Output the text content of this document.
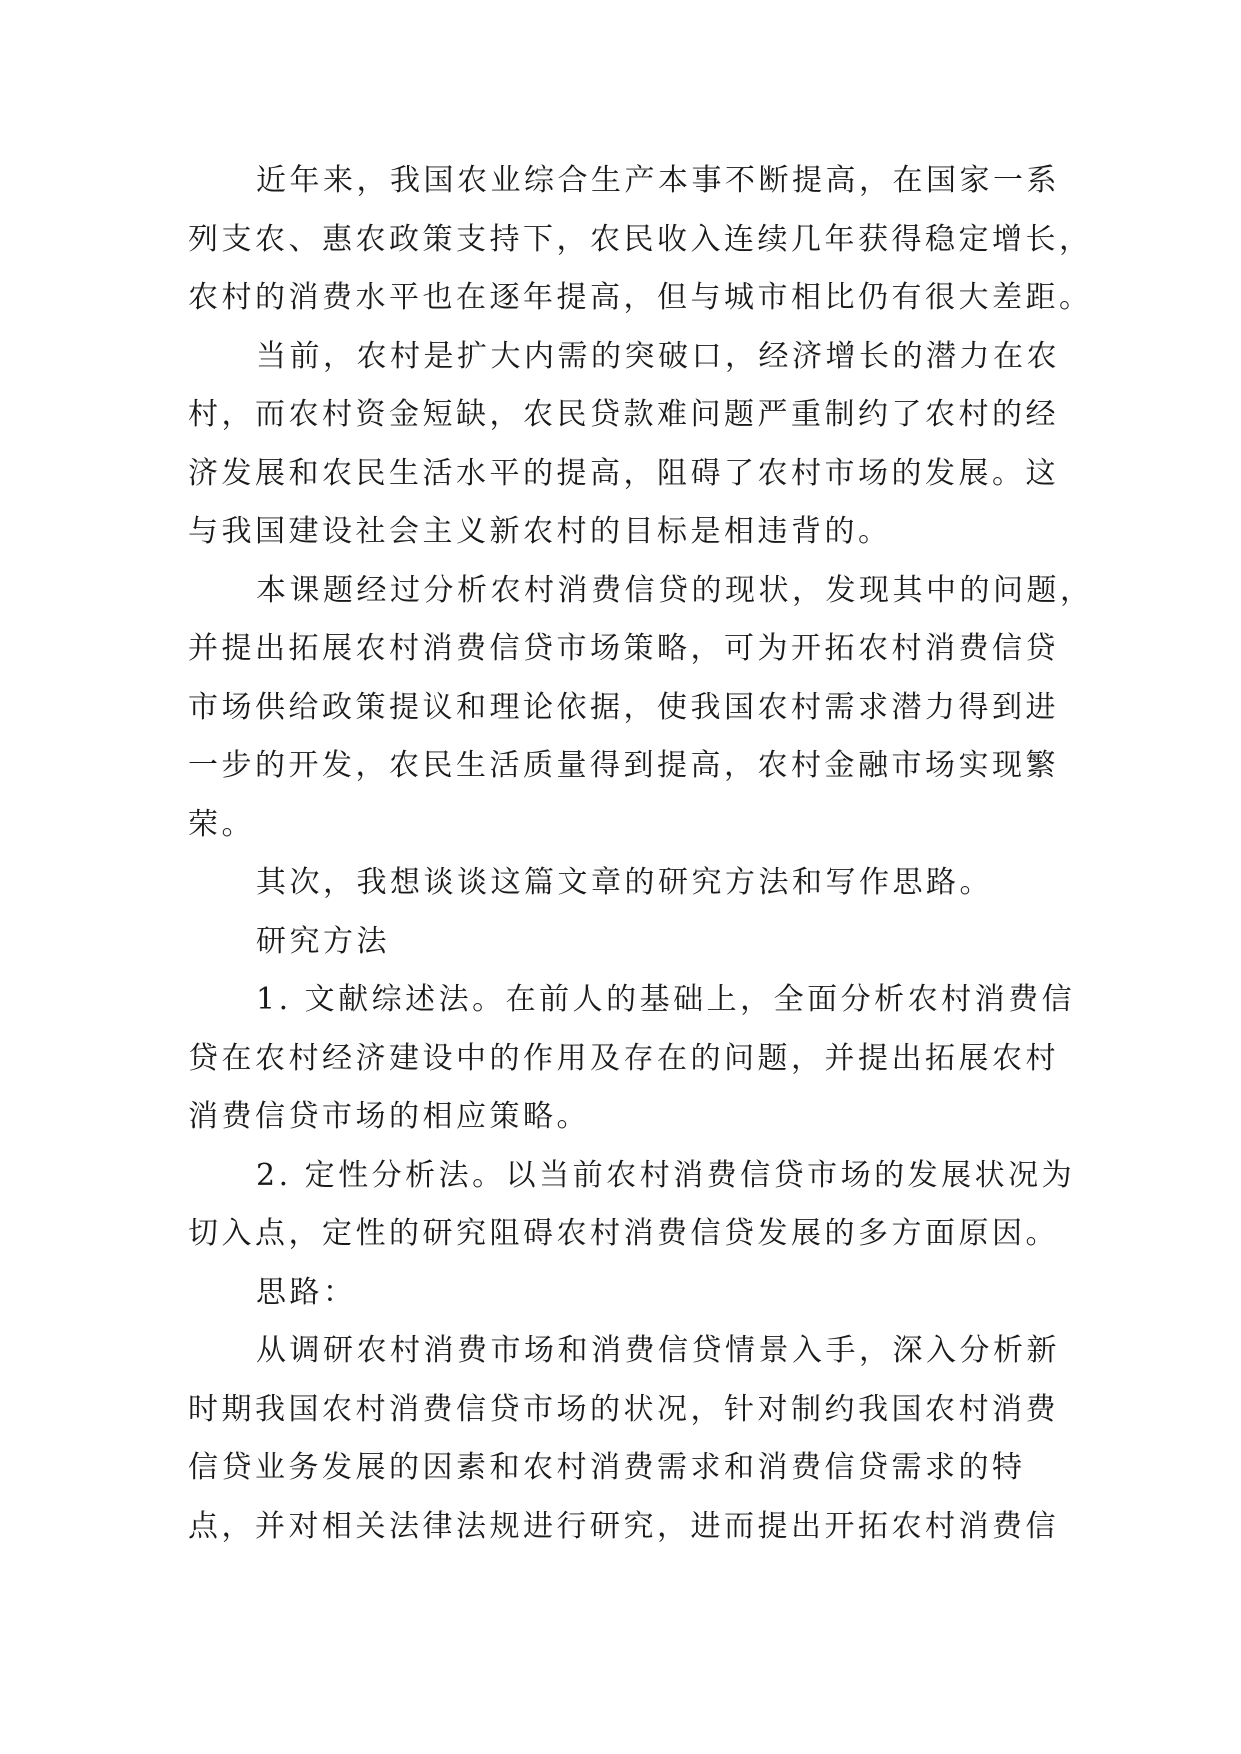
近年来，我国农业综合生产本事不断提高，在国家一系
列支农、惠农政策支持下，农民收入连续几年获得稳定增长，
农村的消费水平也在逐年提高，但与城市相比仍有很大差距。
当前，农村是扩大内需的突破口，经济增长的潜力在农
村，而农村资金短缺，农民贷款难问题严重制约了农村的经
济发展和农民生活水平的提高，阻碍了农村市场的发展。这
与我国建设社会主义新农村的目标是相违背的。
本课题经过分析农村消费信贷的现状，发现其中的问题，
并提出拓展农村消费信贷市场策略，可为开拓农村消费信贷
市场供给政策提议和理论依据，使我国农村需求潜力得到进
一步的开发，农民生活质量得到提高，农村金融市场实现繁
荣。
其次，我想谈谈这篇文章的研究方法和写作思路。
研究方法
1. 文献综述法。在前人的基础上，全面分析农村消费信
贷在农村经济建设中的作用及存在的问题，并提出拓展农村
消费信贷市场的相应策略。
2. 定性分析法。以当前农村消费信贷市场的发展状况为
切入点，定性的研究阻碍农村消费信贷发展的多方面原因。
思路：
从调研农村消费市场和消费信贷情景入手，深入分析新
时期我国农村消费信贷市场的状况，针对制约我国农村消费
信贷业务发展的因素和农村消费需求和消费信贷需求的特
点，并对相关法律法规进行研究，进而提出开拓农村消费信
